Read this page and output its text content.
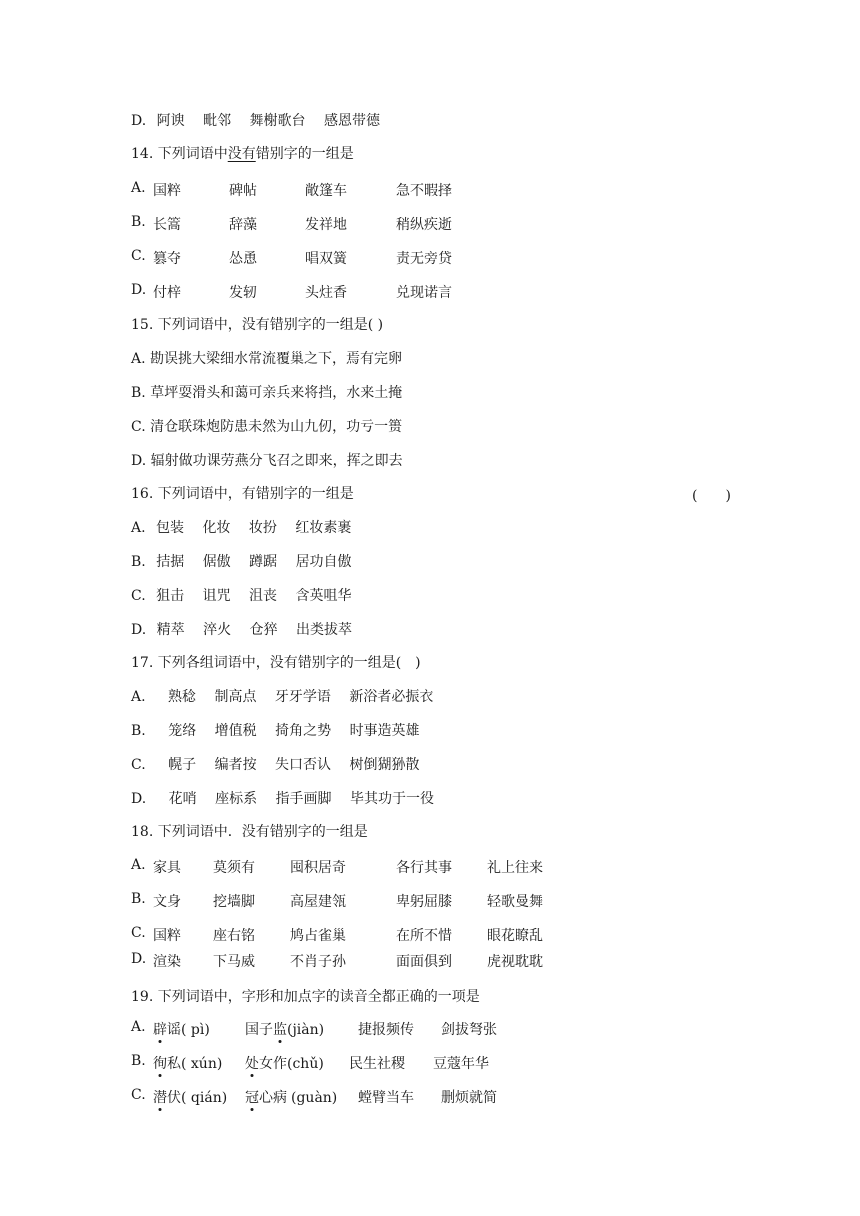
D. 阿谀 毗邻 舞榭歌台 感恩带德
14. 下列词语中没有错别字的一组是
A. 国粹	碑帖	敞篷车	急不暇择
B. 长篙	辞藻	发祥地	稍纵疾逝
C. 篡夺	怂恿	唱双簧	责无旁贷
D. 付梓	发轫	头炷香	兑现诺言
15. 下列词语中，没有错别字的一组是( )
A. 勘误挑大梁细水常流覆巢之下，焉有完卵
B. 草坪耍滑头和蔼可亲兵来将挡，水来土掩
C. 清仓联珠炮防患未然为山九仞，功亏一篑
D. 辐射做功课劳燕分飞召之即来，挥之即去
16. 下列词语中，有错别字的一组是	(　　)
A. 包装 化妆 妆扮 红妆素裹
B. 拮据 倨傲 蹲踞 居功自傲
C. 狙击 诅咒 沮丧 含英咀华
D. 精萃 淬火 仓猝 出类拔萃
17. 下列各组词语中，没有错别字的一组是(　)
A. 熟稔 制高点 牙牙学语 新浴者必振衣
B. 笼络 增值税 掎角之势 时事造英雄
C. 幌子 编者按 失口否认 树倒猢狲散
D. 花哨 座标系 指手画脚 毕其功于一役
18. 下列词语中．没有错别字的一组是
A. 家具 莫须有	囤积居奇	各行其事	礼上往来
B. 文身 挖墙脚	高屋建瓴	卑躬屈膝	轻歌曼舞
C. 国粹 座右铭	鸠占雀巢	在所不惜	眼花瞭乱
D. 渲染 下马威	不肖子孙	面面俱到	虎视耽耽
19. 下列词语中，字形和加点字的读音全都正确的一项是
A. 辟谣( pì)	国子监(jiàn) 捷报频传 剑拔弩张
B. 徇私( xún) 处女作(chǔ) 民生社稷 豆蔻年华
C. 潜伏( qián) 冠心病 (guàn) 螳臂当车 删烦就简
